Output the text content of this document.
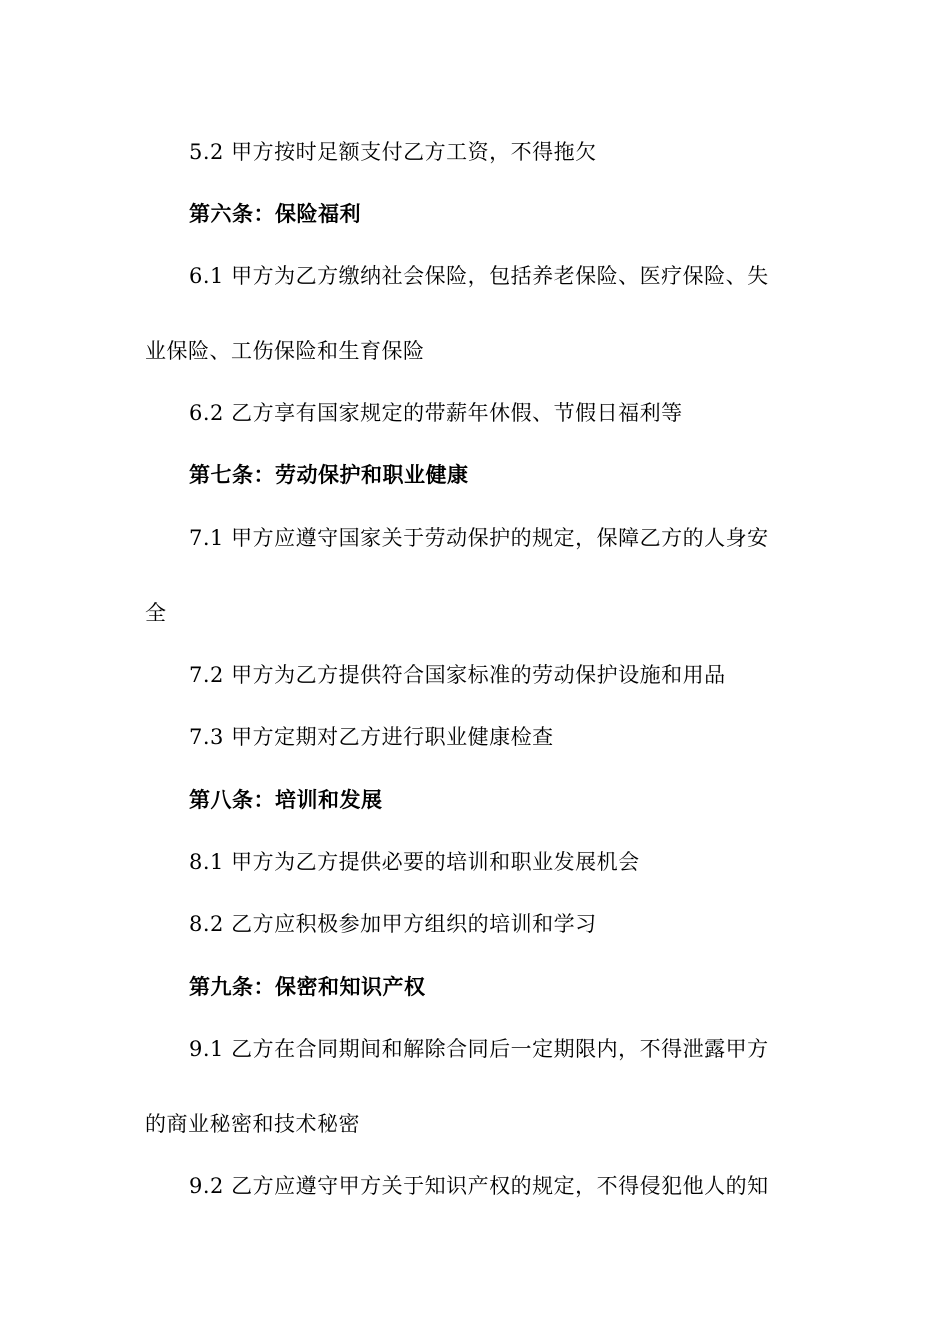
5.2 甲方按时足额支付乙方工资，不得拖欠

第六条：保险福利

6.1 甲方为乙方缴纳社会保险，包括养老保险、医疗保险、失

业保险、工伤保险和生育保险

6.2 乙方享有国家规定的带薪年休假、节假日福利等

第七条：劳动保护和职业健康

7.1 甲方应遵守国家关于劳动保护的规定，保障乙方的人身安

全

7.2 甲方为乙方提供符合国家标准的劳动保护设施和用品

7.3 甲方定期对乙方进行职业健康检查

第八条：培训和发展

8.1 甲方为乙方提供必要的培训和职业发展机会

8.2 乙方应积极参加甲方组织的培训和学习

第九条：保密和知识产权

9.1 乙方在合同期间和解除合同后一定期限内，不得泄露甲方

的商业秘密和技术秘密

9.2 乙方应遵守甲方关于知识产权的规定，不得侵犯他人的知
